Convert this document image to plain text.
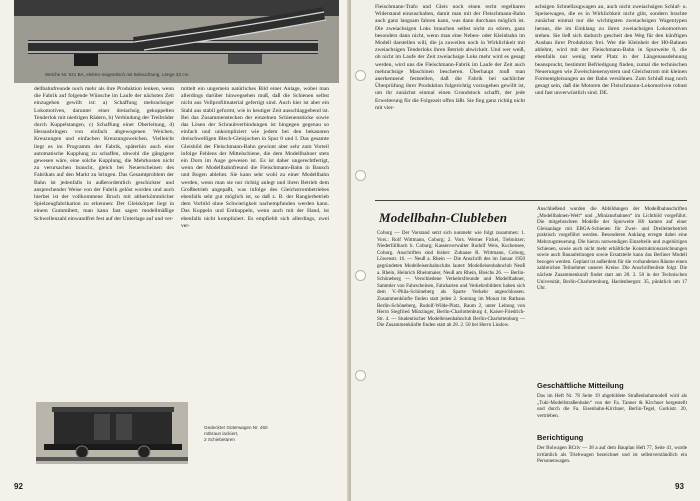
Weiche Nr. 621 BA, elektro-magnetisch mit Beleuchtung, Länge 33 cm

dellbahnfreunde noch mehr als ihre Produktion lenken, wenn die Fabrik auf folgende Wünsche im Laufe der nächsten Zeit einzugehen gewillt ist: a) Schaffung mehrachsiger Lokomotiven, darunter einer dreiachsig gekuppelten Tenderlok mit niedrigen Rädern, b) Verbindung der Treibräder durch Kuppelstangen, c) Schaffung einer Oberleitung, d) Herausbringen von einfach abgewogenen Weichen, Kreuzungen und einfachen Kreuzungsweichen. Vielleicht liegt es im Programm der Fabrik, späterhin auch eine automatische Kupplung zu schaffen, obwohl die gängigere gewesen wäre, eine solche Kupplung, die Mehrkosten nicht zu verursachen braucht, gleich bei Neuerscheinen des Fabrikats auf den Markt zu bringen. Das Gesamtproblem der Bahn ist jedenfalls in außerordentlich geschickter und ansprechender Weise von der Fabrik gelöst worden und auch hierbei ist der vollkommene Bruch mit altherkömmlicher Spielzeugfabrikation zu erkennen: Der Gleiskörper liegt in einem Gummibett, man kann fast sagen modellmäßige Schwellenzahl einwandfrei fest auf der Unterlage auf und ver-

mittelt ein ungemein natürliches Bild einer Anlage, wobei man allerdings darüber hinwegsehen muß, daß die Schienen selbst nicht aus Vollprofilmaterial gefertigt sind. Auch hier ist aber ein Stahl aus stabil geformt, wie in heutiger Zeit ausschlaggebend ist. Bei das Zusammenstecken der einzelnen Schienenstücke sowie das Lösen der Schraubverbindungen ist hingegen gegenau so einfach und unkompliziert wie jedem bei den bekannten dreischwelligen Blech-Gleisjochen in Spur 0 und I. Das gesamte Gleisbild der Fleischmann-Bahn gewinnt aber sehr zum Vorteil infolge Fehlens der Mittelschiene, die dem Modellbahner stets ein Dorn im Auge gewesen ist. Es ist daher ungerechtfertigt, wenn der Modellbahnfreund die Fleischmann-Bahn in Bausch und Bogen ablehnt. Sie kann sehr wohl zu einer Modellbahn werden, wenn man sie nur richtig anlegt und ihren Betrieb dem Großbetrieb angepaßt, was infolge des Gleichstrombetriebes ebenfalls sehr gut möglich ist, so daß z. B. der Rangierbetrieb dem Vorbild ohne Schwierigkeit nachempfunden werden kann. Das Kuppeln und Entkuppeln, wenn auch mit der Hand, ist ebenfalls nicht kompliziert. Es empfiehlt sich allerdings, zwei ver-

Gedeckter Güterwagen Nr. 460
rotbraun lackiert,
2 Schiebetüren
92

Fleischmann-Trafo und Gleis noch einen recht regelbaren Widerstand einzuschalten, damit man mit der Fleischmann-Bahn auch ganz langsam fahren kann, was dann durchaus möglich ist. Die zweiachsigen Loks brauchen selbst nicht zu stören, ganz besonders dann nicht, wenn man eine Neben- oder Kleinbahn im Modell darstellen will, die ja zuweilen noch in Wirklichkeit mit zweiachsigen Tenderloks ihren Betrieb abwickelt. Und wer weiß, ob nicht im Laufe der Zeit zweiachsige Loks mehr wird es gesagt werden, wird uns die Fleischmann-Fabrik im Laufe der Zeit auch mehrachsige Maschinen bescheren. Überhaupt muß man anerkennend feststellen, daß die Fabrik bei sachlicher Überprüfung ihrer Produktion folgerichtig vorzugehen gewillt ist, um ihr zunächst einmal einen Grundstock schafft, der jede Erweiterung für die Folgezeit offen läßt. Sie fing ganz richtig nicht mit vier-

achsigen Schnellzugwagen an, auch nicht zweiachsigen Schlaf- u. Speisewagen, die es in Wirklichkeit nicht gibt, sondern brachte zunächst einmal nur die wichtigsten zweiachsigen Wagentypen heraus, die im Einklang zu ihren zweiachsigen Lokomotiven stehen. Sie ließ sich dadurch gescheit den Weg für den künftigen Ausbau ihrer Produktion frei. Wer die Kleinheit der H0-Bahnen ablehnt, wird mit der Fleischmann-Bahn in Spurweite 0, die ebenfalls nur wenig mehr Platz in der Längenausdehnung beansprucht, bestimmt Befriedigung finden, zumal die technischen Neuerungen wie Zweischienensystem und Gleichstrom mit kleinen Formentgleisungen an der Bahn versöhnen. Zum Schluß mag noch gesagt sein, daß die Motoren der Fleischmann-Lokomotiven robust und fast unverwüstlich sind. DE.

Modellbahn-Clubleben

Coburg — Der Vorstand setzt sich nunmehr wie folgt zusammen: 1. Vors.: Rolf Wittmann, Coburg; 2. Vors. Werner Fickel, Trebnitzer; Niederfüllbach b. Coburg; Kassenverwalter Rudolf Weis, Kuchensee, Coburg. Anschriften sind bisher: Zuhause R. Wittmann, Coburg, Löwenstr. 16. — Neuß a. Rhein — Die Anschrift des im Januar 1950 gegründeten Modelleisenbahnclubs lautet: Modelleisenbahnclub Neuß a. Rhein, Heinrich Rheinmaier, Neuß am Rhein, Bleichs 26. — Berlin-Schöneberg — Verschiedene Verkehrsfreunde und Modellbahner, Sammler von Fahrscheinen, Fahrkarten und Verkehrsbildern haben sich dem V.-Phila-Schöneberg als Sparte Verkehr angeschlossen. Zusammenkünfte finden statt jeden 2. Sonntag im Monat im Rathaus Berlin-Schöneberg, Rudolf-Wilde-Platz, Raum 2, unter Leitung von Herrn Siegfried Münzinger, Berlin-Charlottenburg 4, Kaiser-Friedrich-Str. 4. — Studentischer Modelleisenbahnclub Berlin-Charlottenburg — Die Zusammenkünfte finden statt ab 28. 2. 50 bei Herrn Lindow.

Anschließend wurden die Abbildungen der Modellbahnschriften „Modellbahnen-Welt“ und „Miniaturbahnen“ im Lichtbild vorgeführt. Die mitgebrachten Modelle der Spurweite H0 kamen auf einer Gleisanlage mit EBGA-Schienen für Zwei- und Dreileiterbetrieb praktisch vorgeführt werden. Besonderen Anklang erregte dabei eine Mehrzugsteuerung. Die hierzu notwendigen Einzelteile und zugehörigen Schienen, sowie auch nicht mehr erhältliche Konstruktionszeichnungen sowie auch Bauanleitungen sowie Ersatzteile kann das Berliner Modell bezogen werden. Geplant ist außerdem für die vorhandenen Räume einen zahlreichen Teilnehmer unserer Kreise. Die Anschriftenliste folgt. Die nächste Zusammenkunft findet statt am 28. 2. 50 in der Technischen Universität, Berlin-Charlottenburg, Hardenbergstr. 35, pünktlich um 17 Uhr.

Geschäftliche Mitteilung

Das im Heft Nr. 78 Seite 19 abgebildete Straßenbahnmodell wird als „Tuki-Modellstraßenbahn“ von der Fa. Tanner & Kirchner hergestellt und durch die Fa. Eisenbahn-Kirchner, Berlin-Tegel, Gorkistr. 20, vertrieben.

Berichtigung

Der Bolwagen BCtiv — 38 a auf dem Bauplan Heft 77, Seite 41, wurde irrtümlich als Triebwagen bezeichnet und ist selbstverständlich ein Personenwagen.

93
